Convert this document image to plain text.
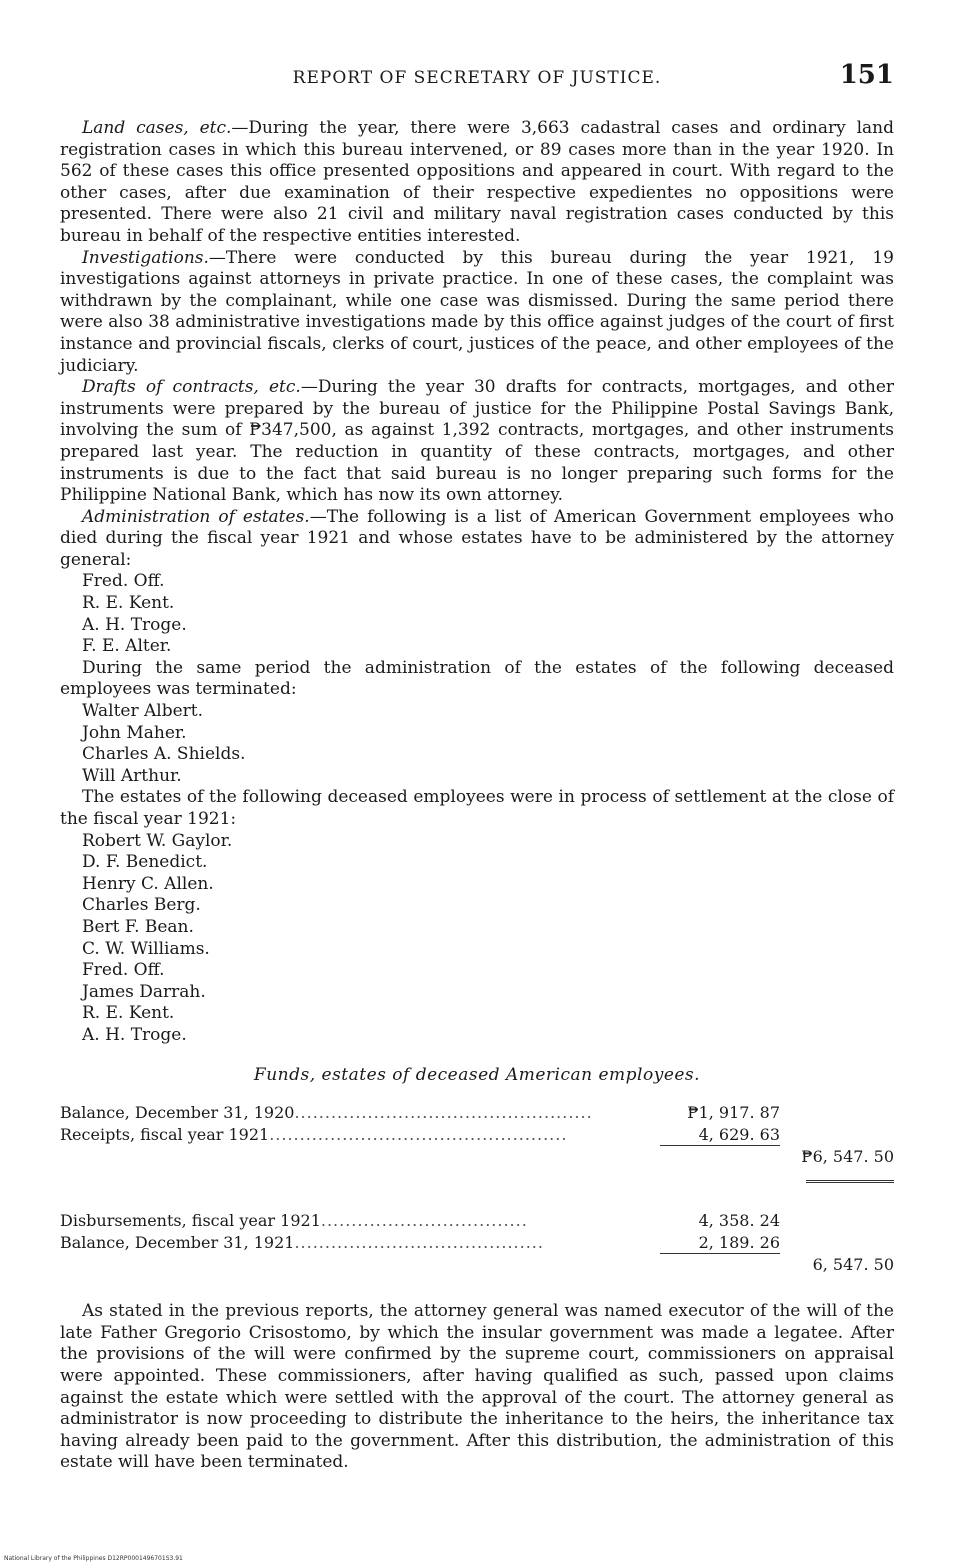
REPORT OF SECRETARY OF JUSTICE.	151

Land cases, etc.—During the year, there were 3,663 cadastral cases and ordinary land registration cases in which this bureau intervened, or 89 cases more than in the year 1920. In 562 of these cases this office presented oppositions and appeared in court. With regard to the other cases, after due examination of their respective expedientes no oppositions were presented. There were also 21 civil and military naval registration cases conducted by this bureau in behalf of the respective entities interested.

Investigations.—There were conducted by this bureau during the year 1921, 19 investigations against attorneys in private practice. In one of these cases, the complaint was withdrawn by the complainant, while one case was dismissed. During the same period there were also 38 administrative investigations made by this office against judges of the court of first instance and provincial fiscals, clerks of court, justices of the peace, and other employees of the judiciary.

Drafts of contracts, etc.—During the year 30 drafts for contracts, mortgages, and other instruments were prepared by the bureau of justice for the Philippine Postal Savings Bank, involving the sum of ₱347,500, as against 1,392 contracts, mortgages, and other instruments prepared last year. The reduction in quantity of these contracts, mortgages, and other instruments is due to the fact that said bureau is no longer preparing such forms for the Philippine National Bank, which has now its own attorney.

Administration of estates.—The following is a list of American Government employees who died during the fiscal year 1921 and whose estates have to be administered by the attorney general:

Fred. Off.
R. E. Kent.
A. H. Troge.
F. E. Alter.

During the same period the administration of the estates of the following deceased employees was terminated:

Walter Albert.
John Maher.
Charles A. Shields.
Will Arthur.

The estates of the following deceased employees were in process of settlement at the close of the fiscal year 1921:

Robert W. Gaylor.
D. F. Benedict.
Henry C. Allen.
Charles Berg.
Bert F. Bean.
C. W. Williams.
Fred. Off.
James Darrah.
R. E. Kent.
A. H. Troge.
Funds, estates of deceased American employees.
Balance, December 31, 1920.................................................	₱1, 917. 87	
Receipts, fiscal year 1921.................................................	4, 629. 63	
		₱6, 547. 50

Disbursements, fiscal year 1921..................................	4, 358. 24	
Balance, December 31, 1921.........................................	2, 189. 26	
		6, 547. 50

As stated in the previous reports, the attorney general was named executor of the will of the late Father Gregorio Crisostomo, by which the insular government was made a legatee. After the provisions of the will were confirmed by the supreme court, commissioners on appraisal were appointed. These commissioners, after having qualified as such, passed upon claims against the estate which were settled with the approval of the court. The attorney general as administrator is now proceeding to distribute the inheritance to the heirs, the inheritance tax having already been paid to the government. After this distribution, the administration of this estate will have been terminated.

National Library of the Philippines D12RP0001496701S3.91
